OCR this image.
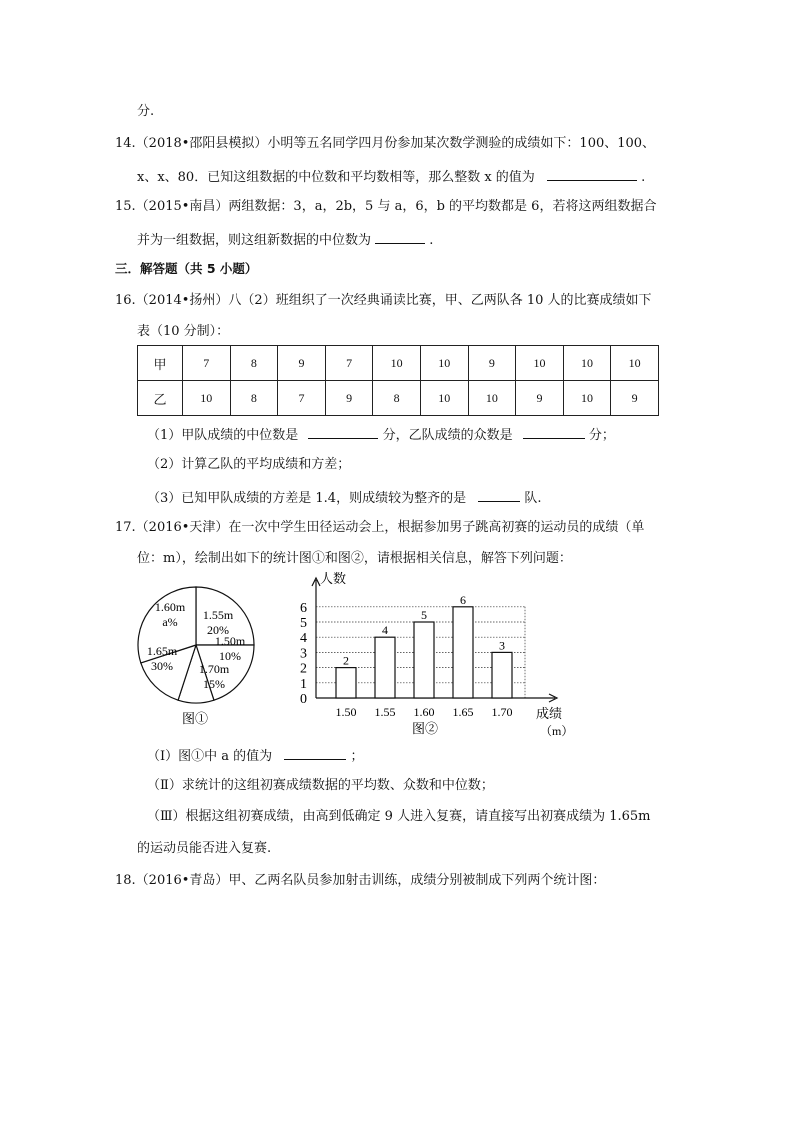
分.
14.（2018•邵阳县模拟）小明等五名同学四月份参加某次数学测验的成绩如下：100、100、
x、x、80．已知这组数据的中位数和平均数相等，那么整数 x 的值为	.
15.（2015•南昌）两组数据：3，a，2b，5 与 a，6，b 的平均数都是 6，若将这两组数据合
并为一组数据，则这组新数据的中位数为	.
三．解答题（共 5 小题）
16.（2014•扬州）八（2）班组织了一次经典诵读比赛，甲、乙两队各 10 人的比赛成绩如下
表（10 分制）：
甲	7	8	9	7	10	10	9	10	10	10
乙	10	8	7	9	8	10	10	9	10	9
（1）甲队成绩的中位数是	分，乙队成绩的众数是	分；
（2）计算乙队的平均成绩和方差；
（3）已知甲队成绩的方差是 1.4，则成绩较为整齐的是	队.
17.（2016•天津）在一次中学生田径运动会上，根据参加男子跳高初赛的运动员的成绩（单
位：m），绘制出如下的统计图①和图②，请根据相关信息，解答下列问题：
1.60m
a% 1.55m
20%
1.50m
10%
1.70m
15%
1.65m
30%
图①
2
4
5
6
3
0
1
2
3
4
5
6
1.50 1.55 1.60 1.65 1.70
人数
成绩
（m）
图②
（Ⅰ）图①中 a 的值为	；
（Ⅱ）求统计的这组初赛成绩数据的平均数、众数和中位数；
（Ⅲ）根据这组初赛成绩，由高到低确定 9 人进入复赛，请直接写出初赛成绩为 1.65m
的运动员能否进入复赛.
18.（2016•青岛）甲、乙两名队员参加射击训练，成绩分别被制成下列两个统计图：
